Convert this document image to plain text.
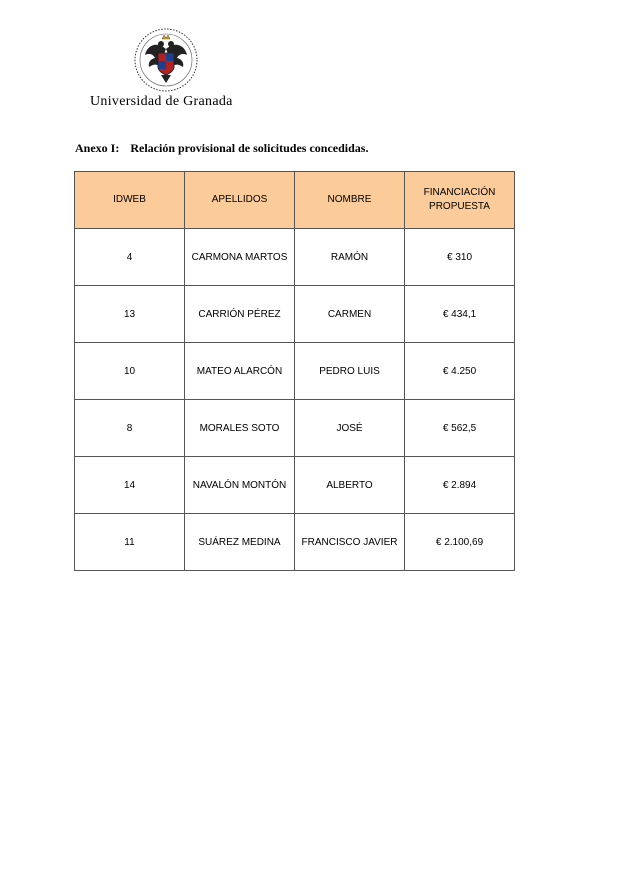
Universidad de Granada
Anexo I: Relación provisional de solicitudes concedidas.
IDWEB	APELLIDOS	NOMBRE	FINANCIACIÓN PROPUESTA
4	CARMONA MARTOS	RAMÓN	€ 310
13	CARRIÓN PÉREZ	CARMEN	€ 434,1
10	MATEO ALARCÓN	PEDRO LUIS	€ 4.250
8	MORALES SOTO	JOSÉ	€ 562,5
14	NAVALÓN MONTÓN	ALBERTO	€ 2.894
11	SUÁREZ MEDINA	FRANCISCO JAVIER	€ 2.100,69
